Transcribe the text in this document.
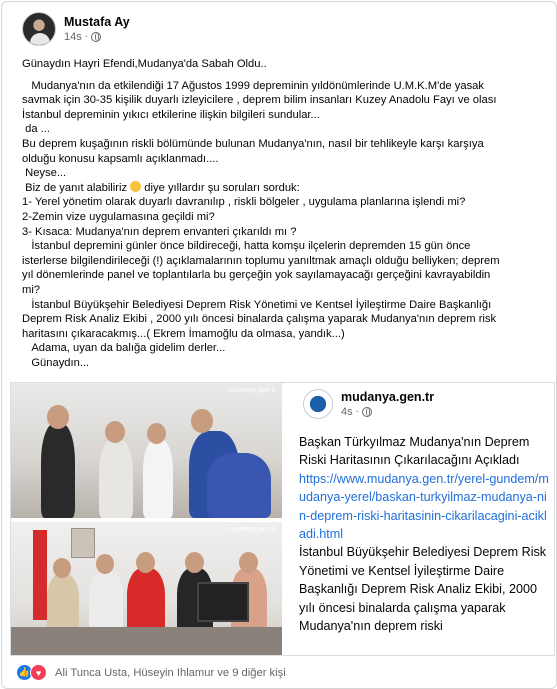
Mustafa Ay
14s ·

Günaydın Hayri Efendi,Mudanya'da Sabah Oldu..

Mudanya'nın da etkilendiği 17 Ağustos 1999 depreminin yıldönümlerinde U.M.K.M'de yasak

savmak için 30-35 kişilik duyarlı izleyicilere , deprem bilim insanları Kuzey Anadolu Fayı ve olası

İstanbul depreminin yıkıcı etkilerine ilişkin bilgileri sundular...

da ...

Bu deprem kuşağının riskli bölümünde bulunan Mudanya'nın, nasıl bir tehlikeyle karşı karşıya

olduğu konusu kapsamlı açıklanmadı....

Neyse...

Biz de yanıt alabiliriz  diye yıllardır şu soruları sorduk:

1- Yerel yönetim olarak duyarlı davranılıp , riskli bölgeler , uygulama planlarına işlendi mi?

2-Zemin vize uygulamasına geçildi mi?

3- Kısaca: Mudanya'nın deprem envanteri çıkarıldı mı ?

İstanbul depremini günler önce bildireceği, hatta komşu ilçelerin depremden 15 gün önce

isterlerse bilgilendirileceği (!) açıklamalarının toplumu yanıltmak amaçlı olduğu belliyken; deprem

yıl dönemlerinde panel ve toplantılarla bu gerçeğin yok sayılamayacağı gerçeğini kavrayabildin

mi?

İstanbul Büyükşehir Belediyesi Deprem Risk Yönetimi ve Kentsel İyileştirme Daire Başkanlığı

Deprem Risk Analiz Ekibi , 2000 yılı öncesi binalarda çalışma yaparak Mudanya'nın deprem risk

haritasını çıkaracakmış...( Ekrem İmamoğlu da olmasa, yandık...)

Adama, uyan da balığa gidelim derler...

Günaydın...

mudanya.gen.tr
mudanya.gen.tr
mudanya.gen.tr
4s ·
Başkan Türkyılmaz Mudanya'nın Deprem Riski Haritasının Çıkarılacağını Açıkladı
https://www.mudanya.gen.tr/yerel-gundem/mudanya-yerel/baskan-turkyilmaz-mudanya-nin-deprem-riski-haritasinin-cikarilacagini-acikladi.html
İstanbul Büyükşehir Belediyesi Deprem Risk Yönetimi ve Kentsel İyileştirme Daire Başkanlığı Deprem Risk Analiz Ekibi, 2000 yılı öncesi binalarda çalışma yaparak Mudanya'nın deprem riski
👍 ♥	Ali Tunca Usta, Hüseyin Ihlamur ve 9 diğer kişi
